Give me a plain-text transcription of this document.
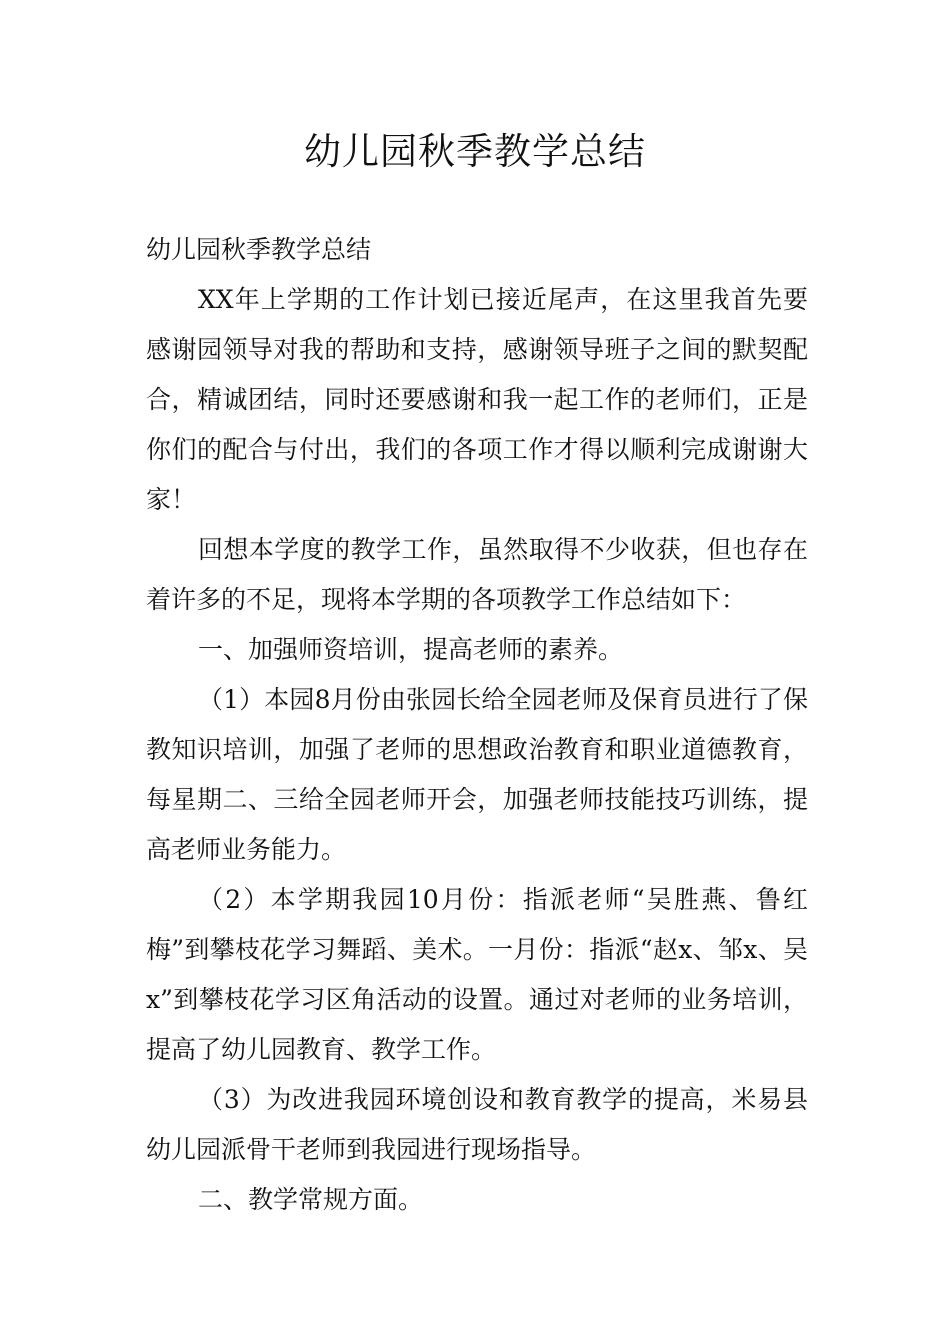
幼儿园秋季教学总结

幼儿园秋季教学总结

XX年上学期的工作计划已接近尾声，在这里我首先要感谢园领导对我的帮助和支持，感谢领导班子之间的默契配合，精诚团结，同时还要感谢和我一起工作的老师们，正是你们的配合与付出，我们的各项工作才得以顺利完成谢谢大家！

回想本学度的教学工作，虽然取得不少收获，但也存在着许多的不足，现将本学期的各项教学工作总结如下：

一、加强师资培训，提高老师的素养。

（1）本园8月份由张园长给全园老师及保育员进行了保教知识培训，加强了老师的思想政治教育和职业道德教育，每星期二、三给全园老师开会，加强老师技能技巧训练，提高老师业务能力。

（2）本学期我园10月份：指派老师“吴胜燕、鲁红梅”到攀枝花学习舞蹈、美术。一月份：指派“赵x、邹x、吴x”到攀枝花学习区角活动的设置。通过对老师的业务培训，提高了幼儿园教育、教学工作。

（3）为改进我园环境创设和教育教学的提高，米易县幼儿园派骨干老师到我园进行现场指导。

二、教学常规方面。
